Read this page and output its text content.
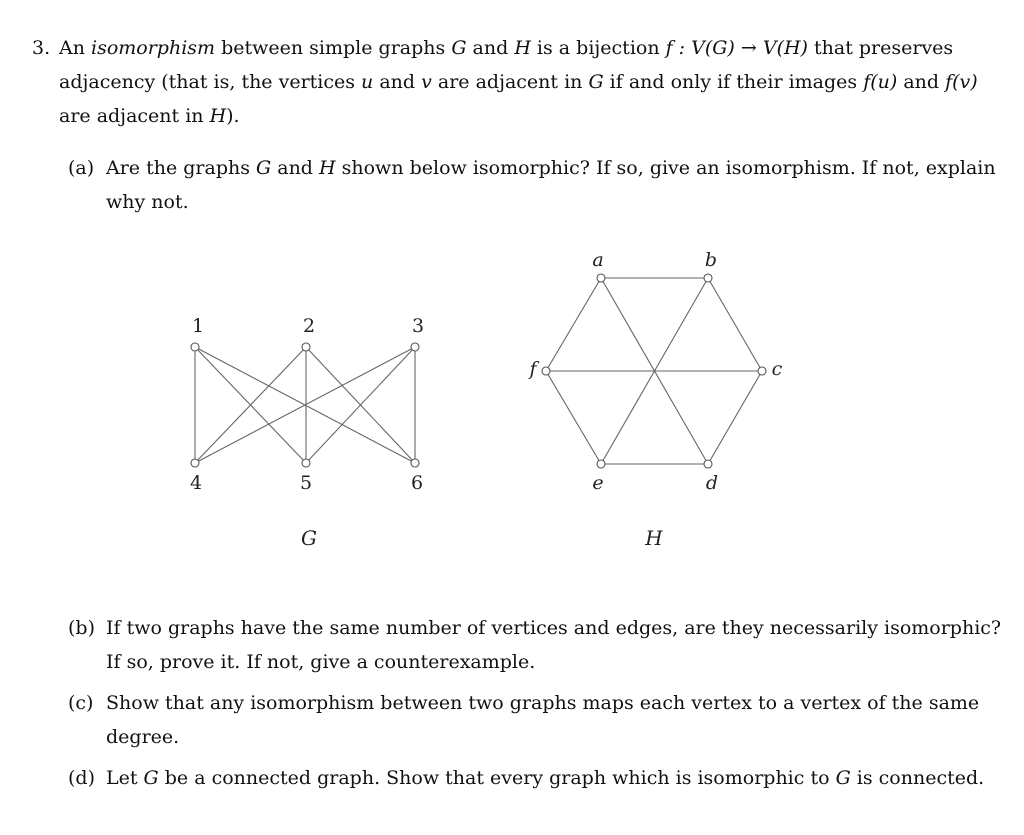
3. An isomorphism between simple graphs G and H is a bijection f : V(G) → V(H) that preserves
adjacency (that is, the vertices u and v are adjacent in G if and only if their images f(u) and f(v)
are adjacent in H).
(a) Are the graphs G and H shown below isomorphic? If so, give an isomorphism. If not, explain
why not.
1	2	3
4	5	6
G
a	b
c
d
e
f
H
(b) If two graphs have the same number of vertices and edges, are they necessarily isomorphic?
If so, prove it. If not, give a counterexample.
(c) Show that any isomorphism between two graphs maps each vertex to a vertex of the same
degree.
(d) Let G be a connected graph. Show that every graph which is isomorphic to G is connected.
